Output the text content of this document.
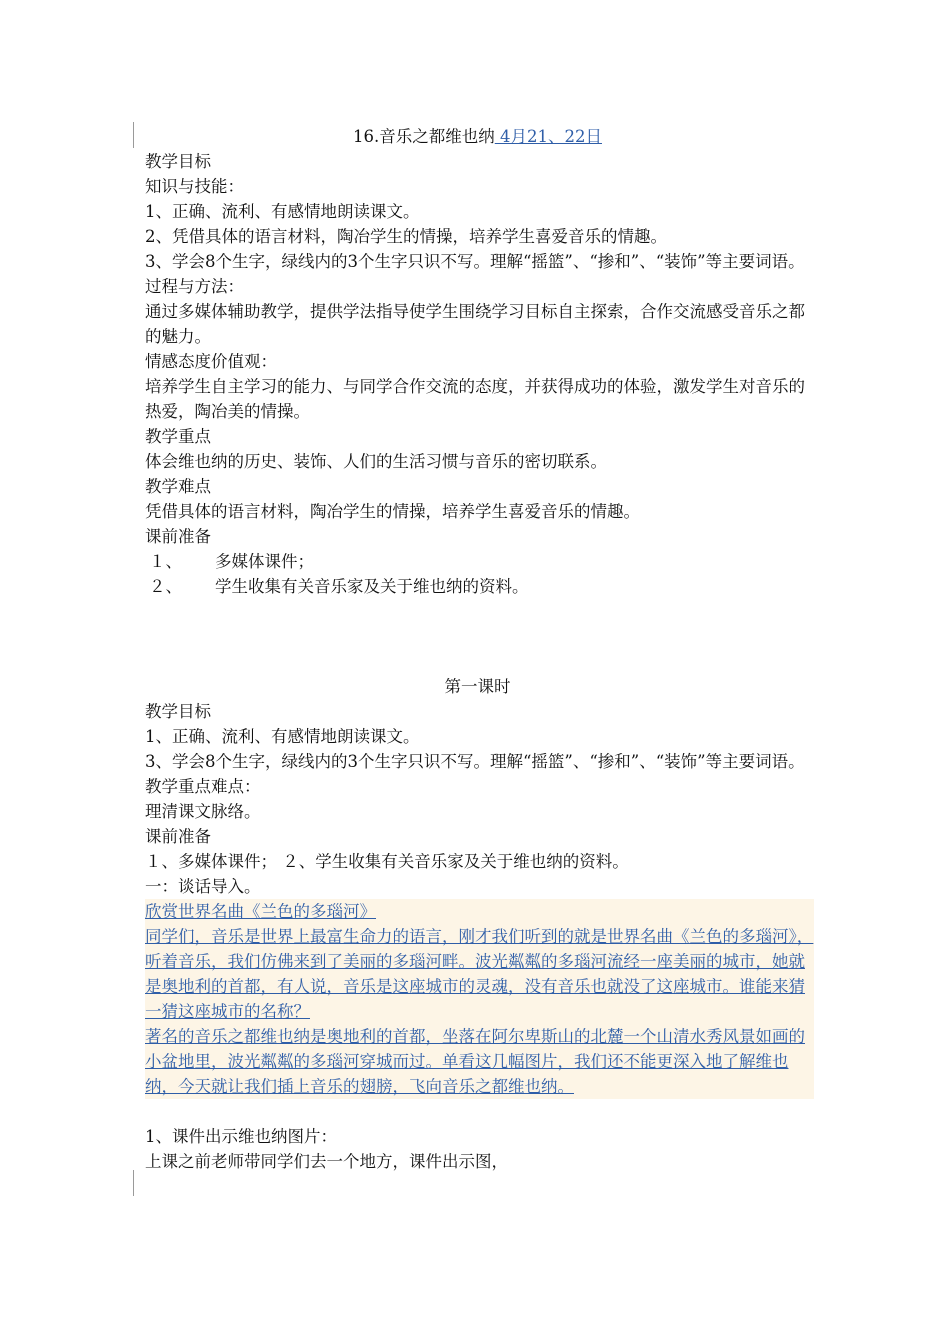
16.音乐之都维也纳 4月21、22日
教学目标
知识与技能：
1、正确、流利、有感情地朗读课文。
2、凭借具体的语言材料，陶冶学生的情操，培养学生喜爱音乐的情趣。
3、学会8个生字，绿线内的3个生字只识不写。理解“摇篮”、“掺和”、“装饰”等主要词语。
过程与方法：
通过多媒体辅助教学，提供学法指导使学生围绕学习目标自主探索，合作交流感受音乐之都的魅力。
情感态度价值观：
培养学生自主学习的能力、与同学合作交流的态度，并获得成功的体验，激发学生对音乐的热爱，陶冶美的情操。
教学重点
体会维也纳的历史、装饰、人们的生活习惯与音乐的密切联系。
教学难点
凭借具体的语言材料，陶冶学生的情操，培养学生喜爱音乐的情趣。
课前准备
１、 多媒体课件；
２、 学生收集有关音乐家及关于维也纳的资料。
第一课时
教学目标
1、正确、流利、有感情地朗读课文。
3、学会8个生字，绿线内的3个生字只识不写。理解“摇篮”、“掺和”、“装饰”等主要词语。
教学重点难点：
理清课文脉络。
课前准备
１、多媒体课件； ２、学生收集有关音乐家及关于维也纳的资料。
一：谈话导入。
欣赏世界名曲《兰色的多瑙河》
同学们，音乐是世界上最富生命力的语言，刚才我们听到的就是世界名曲《兰色的多瑙河》，听着音乐，我们仿佛来到了美丽的多瑙河畔。波光粼粼的多瑙河流经一座美丽的城市，她就是奥地利的首都，有人说，音乐是这座城市的灵魂，没有音乐也就没了这座城市。谁能来猜一猜这座城市的名称？
著名的音乐之都维也纳是奥地利的首都，坐落在阿尔卑斯山的北麓一个山清水秀风景如画的小盆地里，波光粼粼的多瑙河穿城而过。单看这几幅图片，我们还不能更深入地了解维也纳，今天就让我们插上音乐的翅膀，飞向音乐之都维也纳。
1、课件出示维也纳图片：
上课之前老师带同学们去一个地方，课件出示图，
